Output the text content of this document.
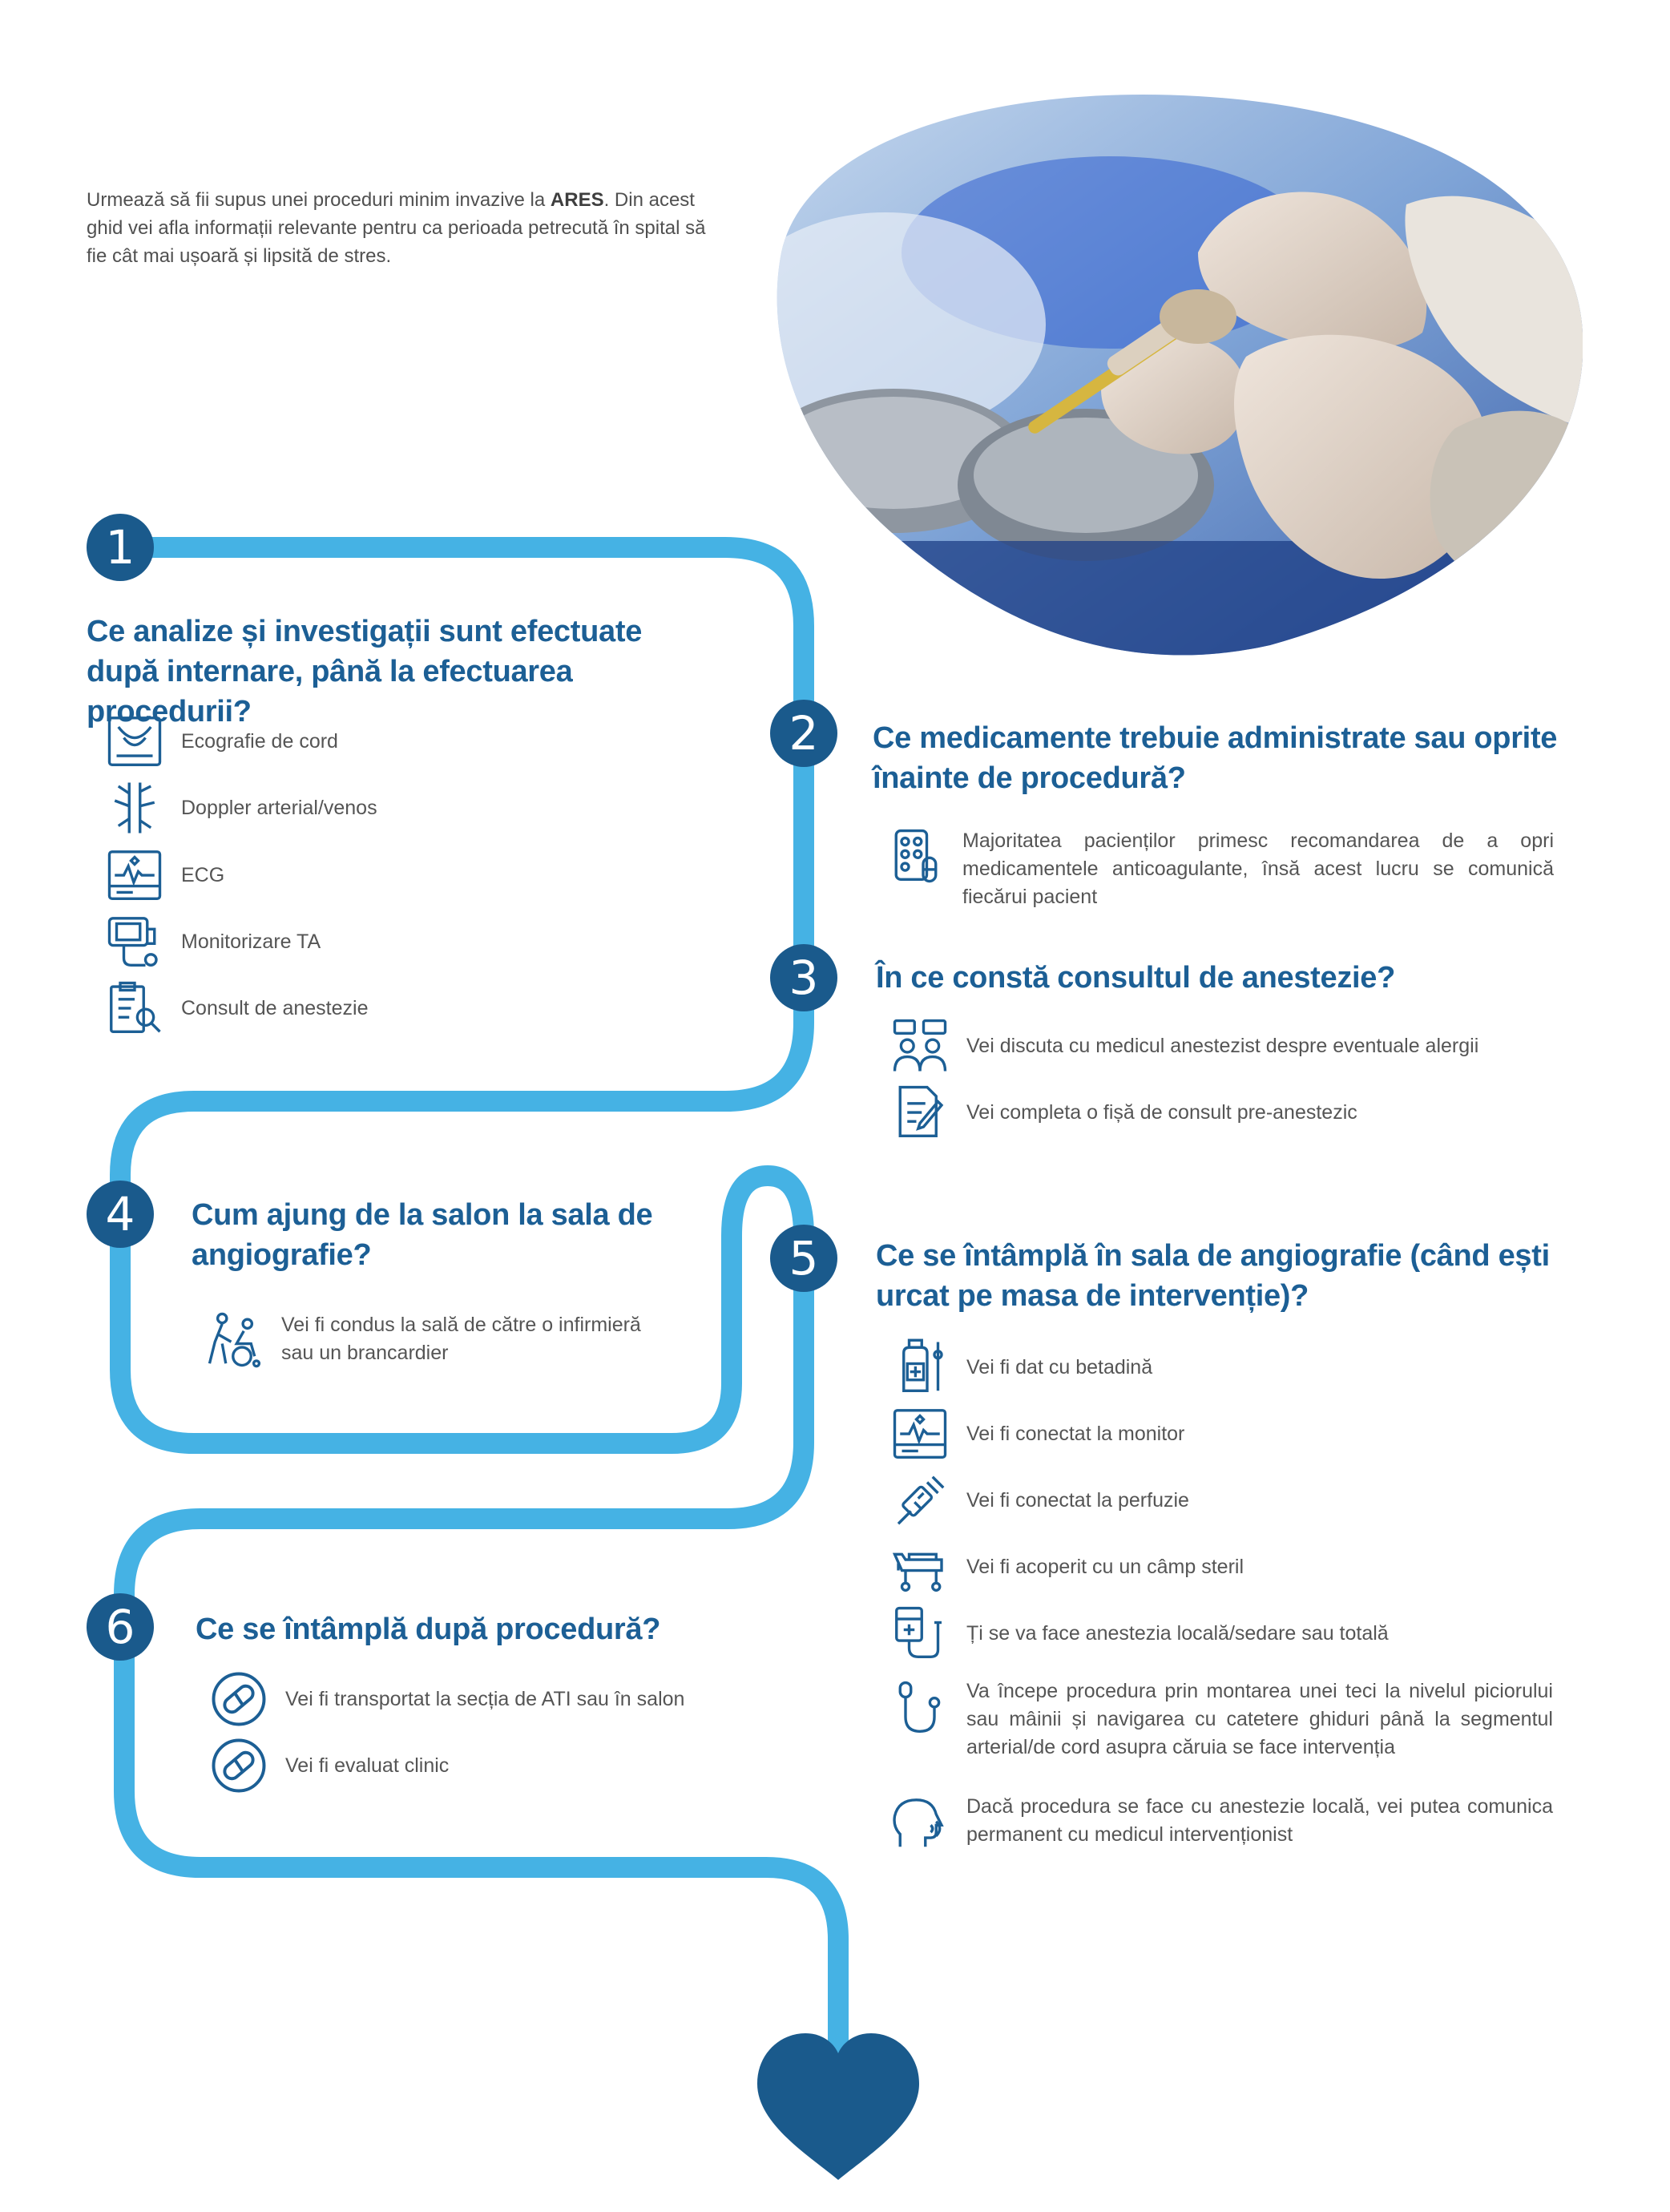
Urmează să fii supus unei proceduri minim invazive la ARES. Din acest ghid vei afla informații relevante pentru ca perioada petrecută în spital să fie cât mai ușoară și lipsită de stres.
1
2
3
4
5
6
Ce analize și investigații sunt efectuate după internare, până la efectuarea procedurii?
Ce medicamente trebuie administrate sau oprite înainte de procedură?
În ce constă consultul de anestezie?
Cum ajung de la salon la sala de angiografie?	Ce se întâmplă în sala de angiografie (când ești urcat pe masa de intervenție)?
Ce se întâmplă după procedură?
Ecografie de cord
Doppler arterial/venos
ECG
Monitorizare TA
Consult de anestezie
Majoritatea pacienților primesc recomandarea de a opri medicamentele anticoagulante, însă acest lucru se comunică fiecărui pacient
Vei discuta cu medicul anestezist despre eventuale alergii
Vei completa o fișă de consult pre-anestezic
Vei fi condus la sală de către o infirmieră sau un brancardier
Vei fi dat cu betadină
Vei fi conectat la monitor
Vei fi conectat la perfuzie
Vei fi acoperit cu un câmp steril
Ți se va face anestezia locală/sedare sau totală
Va începe procedura prin montarea unei teci la nivelul piciorului sau mâinii și navigarea cu catetere ghiduri până la segmentul arterial/de cord asupra căruia se face intervenția
Dacă procedura se face cu anestezie locală, vei putea comunica permanent cu medicul intervenționist
Vei fi transportat la secția de ATI sau în salon
Vei fi evaluat clinic
